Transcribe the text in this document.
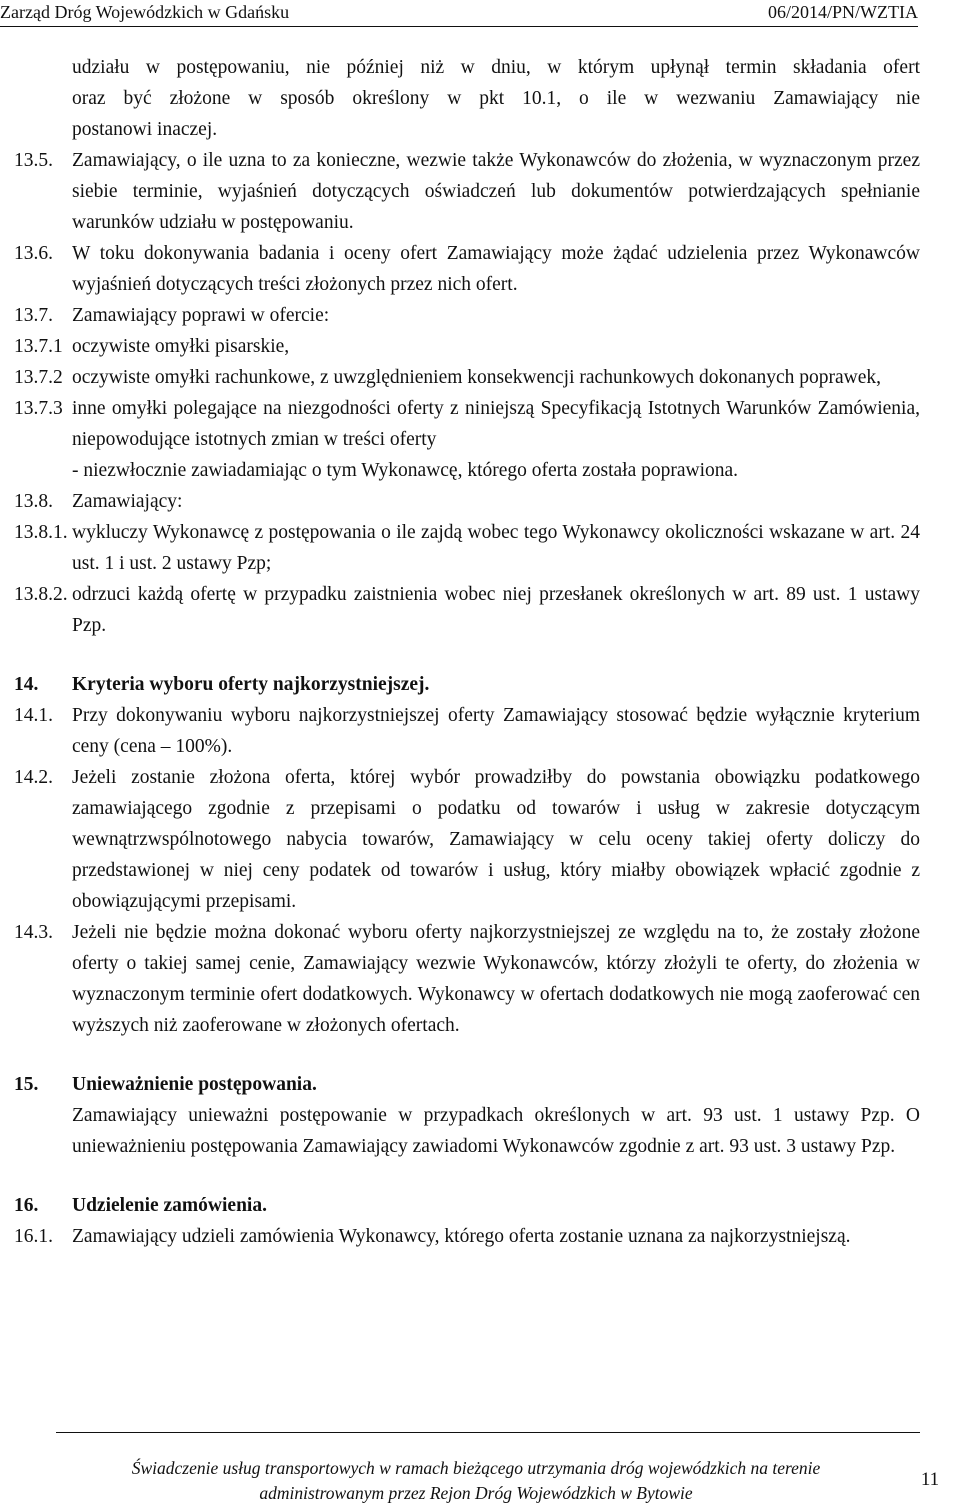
Zarząd Dróg Wojewódzkich w Gdańsku	06/2014/PN/WZTIA
udziału w postępowaniu, nie później niż w dniu, w którym upłynął termin składania ofert
oraz być złożone w sposób określony w pkt 10.1, o ile w wezwaniu Zamawiający nie
postanowi inaczej.
13.5. Zamawiający, o ile uzna to za konieczne, wezwie także Wykonawców do złożenia, w wyznaczonym przez siebie terminie, wyjaśnień dotyczących oświadczeń lub dokumentów potwierdzających spełnianie warunków udziału w postępowaniu.
13.6. W toku dokonywania badania i oceny ofert Zamawiający może żądać udzielenia przez Wykonawców wyjaśnień dotyczących treści złożonych przez nich ofert.
13.7. Zamawiający poprawi w ofercie:
13.7.1 oczywiste omyłki pisarskie,
13.7.2 oczywiste omyłki rachunkowe, z uwzględnieniem konsekwencji rachunkowych dokonanych poprawek,
13.7.3 inne omyłki polegające na niezgodności oferty z niniejszą Specyfikacją Istotnych Warunków Zamówienia, niepowodujące istotnych zmian w treści oferty
- niezwłocznie zawiadamiając o tym Wykonawcę, którego oferta została poprawiona.
13.8. Zamawiający:
13.8.1. wykluczy Wykonawcę z postępowania o ile zajdą wobec tego Wykonawcy okoliczności wskazane w art. 24 ust. 1 i ust. 2 ustawy Pzp;
13.8.2. odrzuci każdą ofertę w przypadku zaistnienia wobec niej przesłanek określonych w art. 89 ust. 1 ustawy Pzp.
14.	Kryteria wyboru oferty najkorzystniejszej.
14.1. Przy dokonywaniu wyboru najkorzystniejszej oferty Zamawiający stosować będzie wyłącznie kryterium ceny (cena – 100%).
14.2. Jeżeli zostanie złożona oferta, której wybór prowadziłby do powstania obowiązku podatkowego zamawiającego zgodnie z przepisami o podatku od towarów i usług w zakresie dotyczącym wewnątrzwspólnotowego nabycia towarów, Zamawiający w celu oceny takiej oferty doliczy do przedstawionej w niej ceny podatek od towarów i usług, który miałby obowiązek wpłacić zgodnie z obowiązującymi przepisami.
14.3. Jeżeli nie będzie można dokonać wyboru oferty najkorzystniejszej ze względu na to, że zostały złożone oferty o takiej samej cenie, Zamawiający wezwie Wykonawców, którzy złożyli te oferty, do złożenia w wyznaczonym terminie ofert dodatkowych. Wykonawcy w ofertach dodatkowych nie mogą zaoferować cen wyższych niż zaoferowane w złożonych ofertach.
15.	Unieważnienie postępowania.
Zamawiający unieważni postępowanie w przypadkach określonych w art. 93 ust. 1 ustawy Pzp. O unieważnieniu postępowania Zamawiający zawiadomi Wykonawców zgodnie z art. 93 ust. 3 ustawy Pzp.
16.	Udzielenie zamówienia.
16.1. Zamawiający udzieli zamówienia Wykonawcy, którego oferta zostanie uznana za najkorzystniejszą.
Świadczenie usług transportowych w ramach bieżącego utrzymania dróg wojewódzkich na terenie
administrowanym przez Rejon Dróg Wojewódzkich w Bytowie
11
